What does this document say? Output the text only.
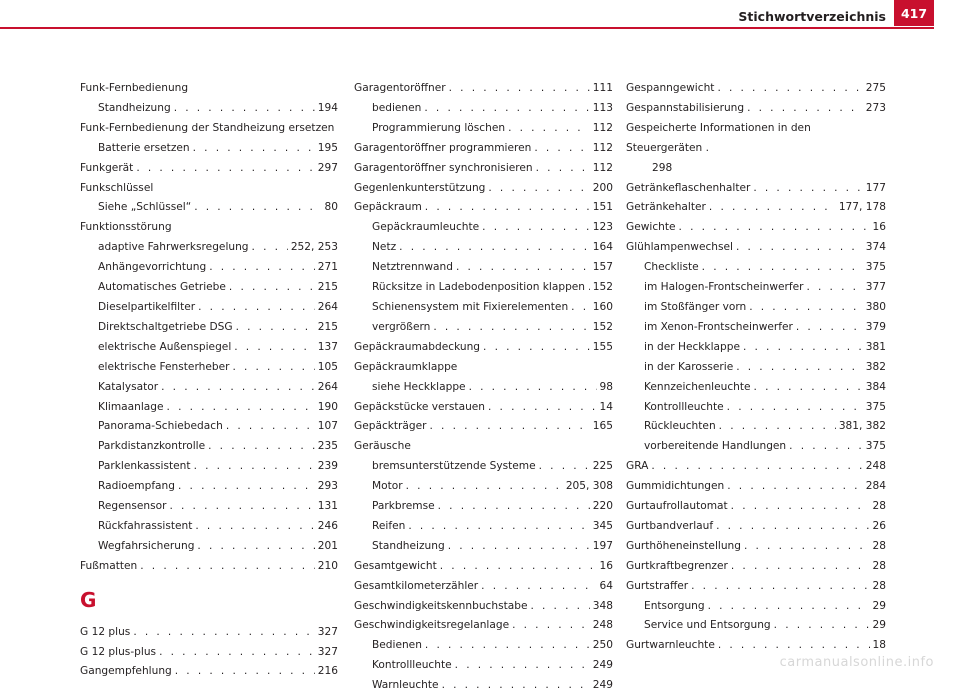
Stichwortverzeichnis	417
Funk-Fernbedienung
Standheizung . . .	194
Funk-Fernbedienung der Standheizung ersetzen
Batterie ersetzen . . .	195
Funkgerät . . .	297
Funkschlüssel
Siehe „Schlüssel“ . . .	80
Funktionsstörung
adaptive Fahrwerksregelung . . .	252, 253
Anhängevorrichtung . . .	271
Automatisches Getriebe . . .	215
Dieselpartikelfilter . . .	264
Direktschaltgetriebe DSG . . .	215
elektrische Außenspiegel . . .	137
elektrische Fensterheber . . .	105
Katalysator . . .	264
Klimaanlage . . .	190
Panorama-Schiebedach . . .	107
Parkdistanzkontrolle . . .	235
Parklenkassistent . . .	239
Radioempfang . . .	293
Regensensor . . .	131
Rückfahrassistent . . .	246
Wegfahrsicherung . . .	201
Fußmatten . . .	210
G
G 12 plus . . .	327
G 12 plus-plus . . .	327
Gangempfehlung . . .	216
Garagentoröffner . . .	111
bedienen . . .	113
Programmierung löschen . . .	112
Garagentoröffner programmieren . . .	112
Garagentoröffner synchronisieren . . .	112
Gegenlenkunterstützung . . .	200
Gepäckraum . . .	151
Gepäckraumleuchte . . .	123
Netz . . .	164
Netztrennwand . . .	157
Rücksitze in Ladebodenposition klappen . . . 152
Schienensystem mit Fixierelementen . . . 160
vergrößern . . .	152
Gepäckraumabdeckung . . .	155
Gepäckraumklappe
siehe Heckklappe . . .	98
Gepäckstücke verstauen . . .	14
Gepäckträger . . .	165
Geräusche
bremsunterstützende Systeme . . .	225
Motor . . .	205, 308
Parkbremse . . .	220
Reifen . . .	345
Standheizung . . .	197
Gesamtgewicht . . .	16
Gesamtkilometerzähler . . .	64
Geschwindigkeitskennbuchstabe . . .	348
Geschwindigkeitsregelanlage . . .	248
Bedienen . . .	250
Kontrollleuchte . . .	249
Warnleuchte . . .	249
Gespanngewicht . . .	275
Gespannstabilisierung . . .	273
Gespeicherte Informationen in den Steuergeräten .
298
Getränkeflaschenhalter . . .	177
Getränkehalter . . .	177, 178
Gewichte . . .	16
Glühlampenwechsel . . .	374
Checkliste . . .	375
im Halogen-Frontscheinwerfer . . .	377
im Stoßfänger vorn . . .	380
im Xenon-Frontscheinwerfer . . .	379
in der Heckklappe . . .	381
in der Karosserie . . .	382
Kennzeichenleuchte . . .	384
Kontrollleuchte . . .	375
Rückleuchten . . .	381, 382
vorbereitende Handlungen . . .	375
GRA . . .	248
Gummidichtungen . . .	284
Gurtaufrollautomat . . .	28
Gurtbandverlauf . . .	26
Gurthöheneinstellung . . .	28
Gurtkraftbegrenzer . . .	28
Gurtstraffer . . .	28
Entsorgung . . .	29
Service und Entsorgung . . .	29
Gurtwarnleuchte . . .	18
carmanualsonline.info
